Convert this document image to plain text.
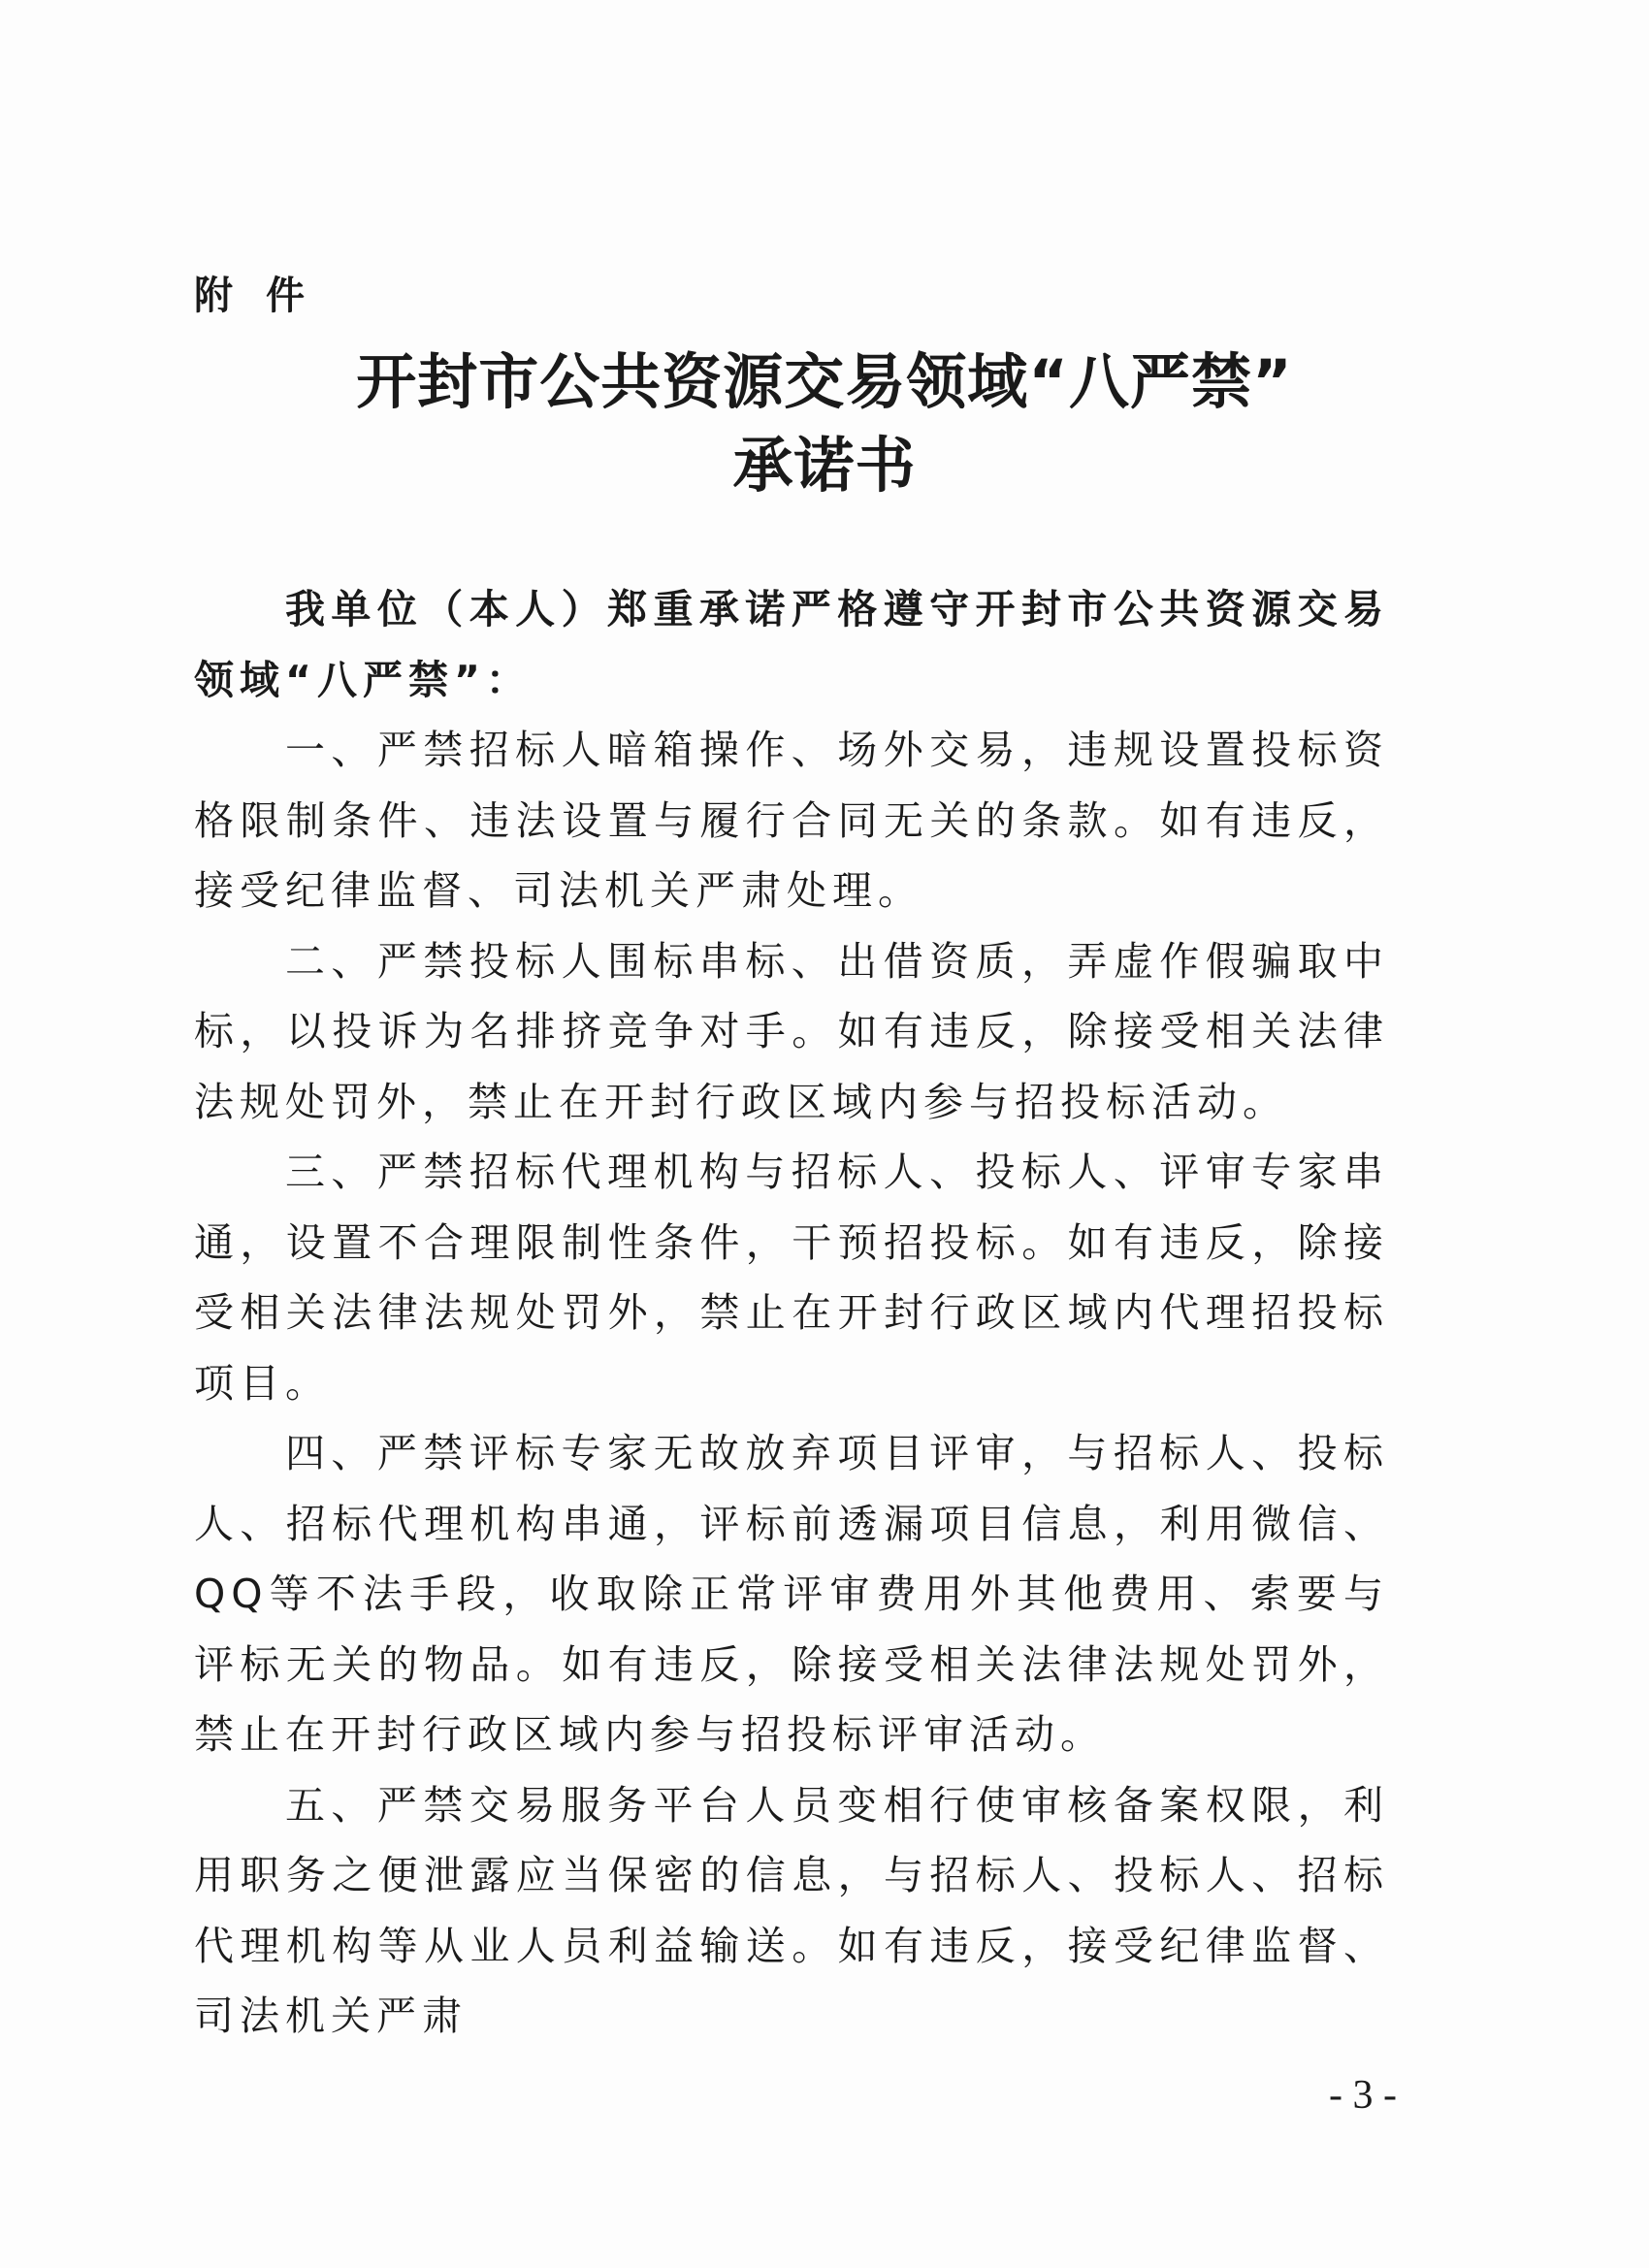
附件
开封市公共资源交易领域“八严禁”
承诺书

我单位（本人）郑重承诺严格遵守开封市公共资源交易领域“八严禁”：

一、严禁招标人暗箱操作、场外交易，违规设置投标资格限制条件、违法设置与履行合同无关的条款。如有违反，接受纪律监督、司法机关严肃处理。

二、严禁投标人围标串标、出借资质，弄虚作假骗取中标，以投诉为名排挤竞争对手。如有违反，除接受相关法律法规处罚外，禁止在开封行政区域内参与招投标活动。

三、严禁招标代理机构与招标人、投标人、评审专家串通，设置不合理限制性条件，干预招投标。如有违反，除接受相关法律法规处罚外，禁止在开封行政区域内代理招投标项目。

四、严禁评标专家无故放弃项目评审，与招标人、投标人、招标代理机构串通，评标前透漏项目信息，利用微信、QQ等不法手段，收取除正常评审费用外其他费用、索要与评标无关的物品。如有违反，除接受相关法律法规处罚外，禁止在开封行政区域内参与招投标评审活动。

五、严禁交易服务平台人员变相行使审核备案权限，利用职务之便泄露应当保密的信息，与招标人、投标人、招标代理机构等从业人员利益输送。如有违反，接受纪律监督、司法机关严肃

- 3 -
